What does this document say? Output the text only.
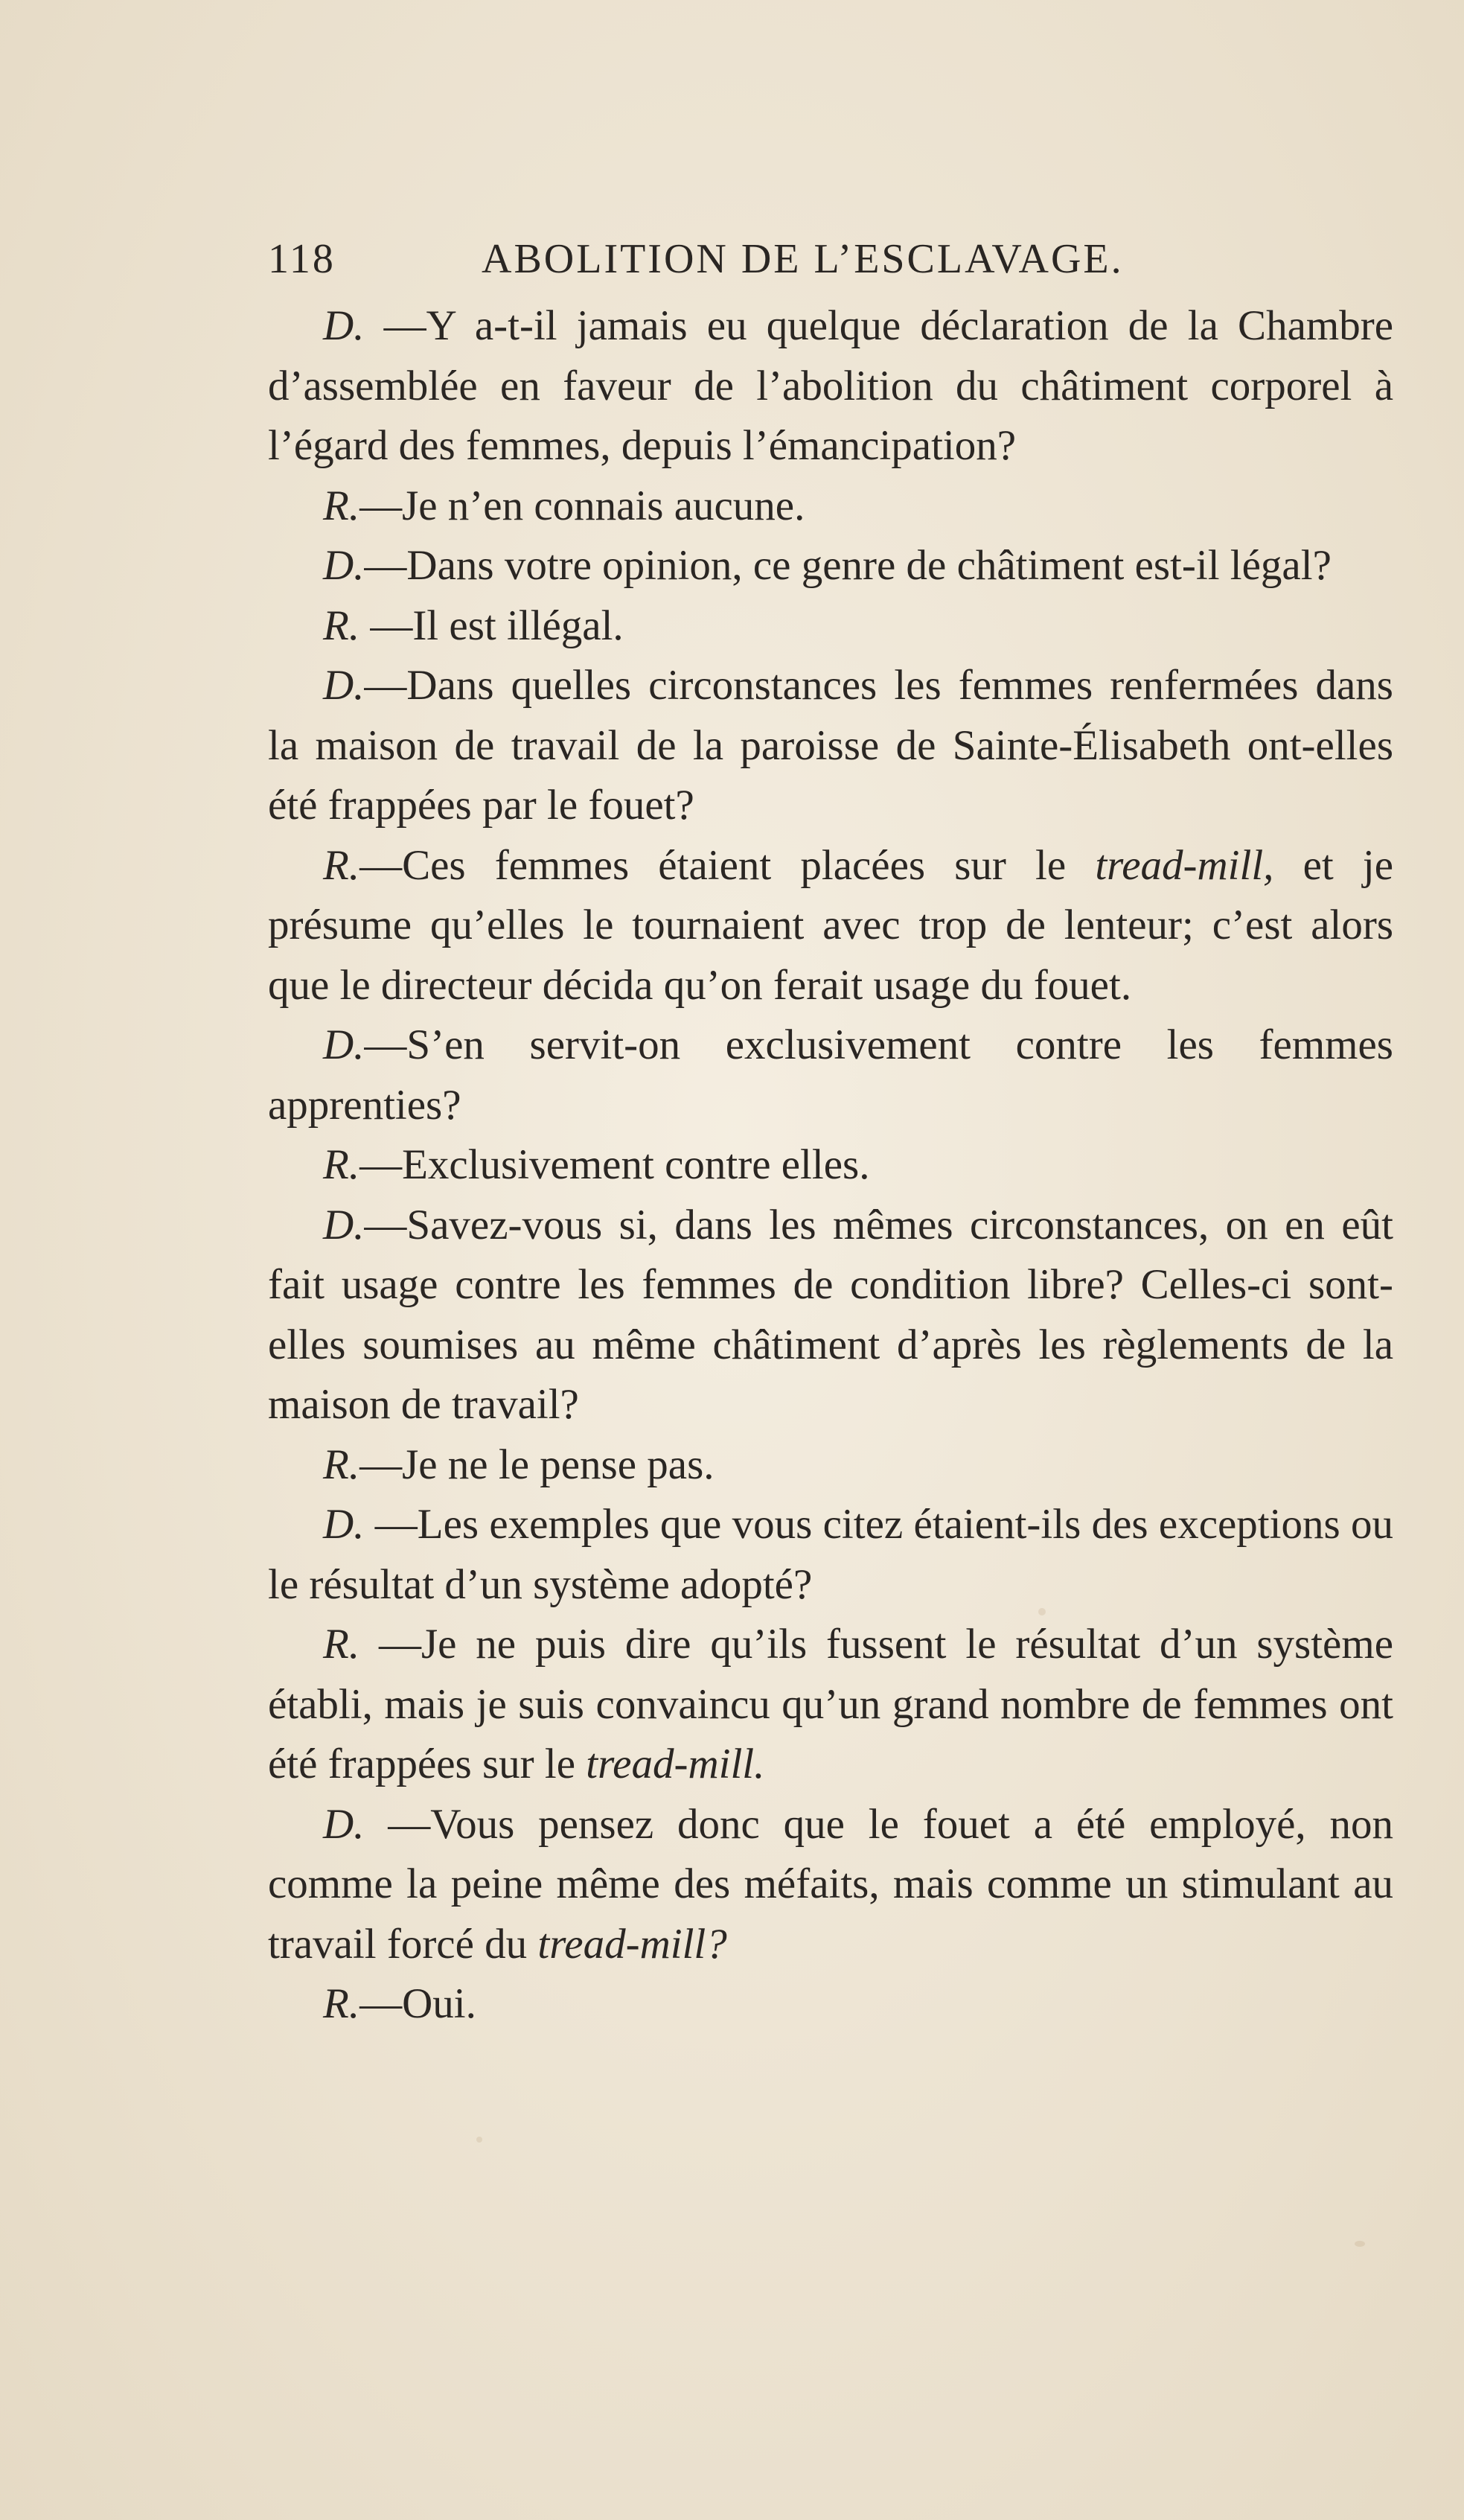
118	ABOLITION DE L’ESCLAVAGE.

D. —Y a-t-il jamais eu quelque déclaration de la Chambre d’assemblée en faveur de l’abolition du châtiment corporel à l’égard des femmes, depuis l’émancipation?

R.—Je n’en connais aucune.

D.—Dans votre opinion, ce genre de châtiment est-il légal?

R. —Il est illégal.

D.—Dans quelles circonstances les femmes renfermées dans la maison de travail de la paroisse de Sainte-Élisabeth ont-elles été frappées par le fouet?

R.—Ces femmes étaient placées sur le tread-mill, et je présume qu’elles le tournaient avec trop de lenteur; c’est alors que le directeur décida qu’on ferait usage du fouet.

D.—S’en servit-on exclusivement contre les femmes apprenties?

R.—Exclusivement contre elles.

D.—Savez-vous si, dans les mêmes circonstances, on en eût fait usage contre les femmes de condition libre? Celles-ci sont-elles soumises au même châtiment d’après les règlements de la maison de travail?

R.—Je ne le pense pas.

D. —Les exemples que vous citez étaient-ils des exceptions ou le résultat d’un système adopté?

R. —Je ne puis dire qu’ils fussent le résultat d’un système établi, mais je suis convaincu qu’un grand nombre de femmes ont été frappées sur le tread-mill.

D. —Vous pensez donc que le fouet a été employé, non comme la peine même des méfaits, mais comme un stimulant au travail forcé du tread-mill?

R.—Oui.
